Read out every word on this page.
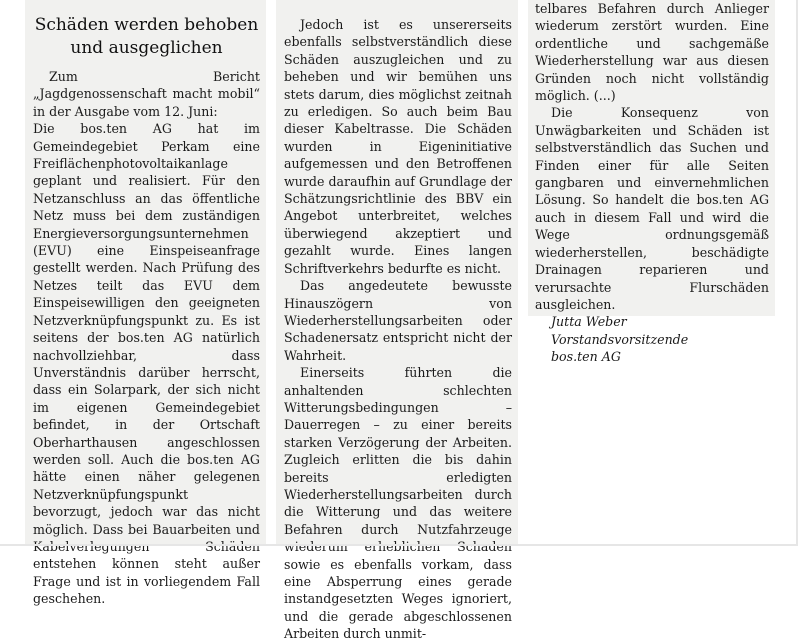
Schäden werden behoben und ausgeglichen

Zum Bericht „Jagdgenossenschaft macht mobil“ in der Ausgabe vom 12. Juni:

Die bos.ten AG hat im Gemeindegebiet Perkam eine Freiflächenphotovoltaikanlage geplant und realisiert. Für den Netzanschluss an das öffentliche Netz muss bei dem zuständigen Energieversorgungsunternehmen (EVU) eine Einspeiseanfrage gestellt werden. Nach Prüfung des Netzes teilt das EVU dem Einspeisewilligen den geeigneten Netzverknüpfungspunkt zu. Es ist seitens der bos.ten AG natürlich nachvollziehbar, dass Unverständnis darüber herrscht, dass ein Solarpark, der sich nicht im eigenen Gemeindegebiet befindet, in der Ortschaft Oberharthausen angeschlossen werden soll. Auch die bos.ten AG hätte einen näher gelegenen Netzverknüpfungspunkt bevorzugt, jedoch war das nicht möglich. Dass bei Bauarbeiten und Kabelverlegungen Schäden entstehen können steht außer Frage und ist in vorliegendem Fall geschehen.

Jedoch ist es unsererseits ebenfalls selbstverständlich diese Schäden auszugleichen und zu beheben und wir bemühen uns stets darum, dies möglichst zeitnah zu erledigen. So auch beim Bau dieser Kabeltrasse. Die Schäden wurden in Eigeninitiative aufgemessen und den Betroffenen wurde daraufhin auf Grundlage der Schätzungsrichtlinie des BBV ein Angebot unterbreitet, welches überwiegend akzeptiert und gezahlt wurde. Eines langen Schriftverkehrs bedurfte es nicht.

Das angedeutete bewusste Hinauszögern von Wiederherstellungsarbeiten oder Schadenersatz entspricht nicht der Wahrheit.

Einerseits führten die anhaltenden schlechten Witterungsbedingungen – Dauerregen – zu einer bereits starken Verzögerung der Arbeiten. Zugleich erlitten die bis dahin bereits erledigten Wiederherstellungsarbeiten durch die Witterung und das weitere Befahren durch Nutzfahrzeuge wiederum erheblichen Schaden sowie es ebenfalls vorkam, dass eine Absperrung eines gerade instandgesetzten Weges ignoriert, und die gerade abgeschlossenen Arbeiten durch unmit-

telbares Befahren durch Anlieger wiederum zerstört wurden. Eine ordentliche und sachgemäße Wiederherstellung war aus diesen Gründen noch nicht vollständig möglich. (...)

Die Konsequenz von Unwägbarkeiten und Schäden ist selbstverständlich das Suchen und Finden einer für alle Seiten gangbaren und einvernehmlichen Lösung. So handelt die bos.ten AG auch in diesem Fall und wird die Wege ordnungsgemäß wiederherstellen, beschädigte Drainagen reparieren und verursachte Flurschäden ausgleichen.

Jutta Weber
Vorstandsvorsitzende
bos.ten AG
